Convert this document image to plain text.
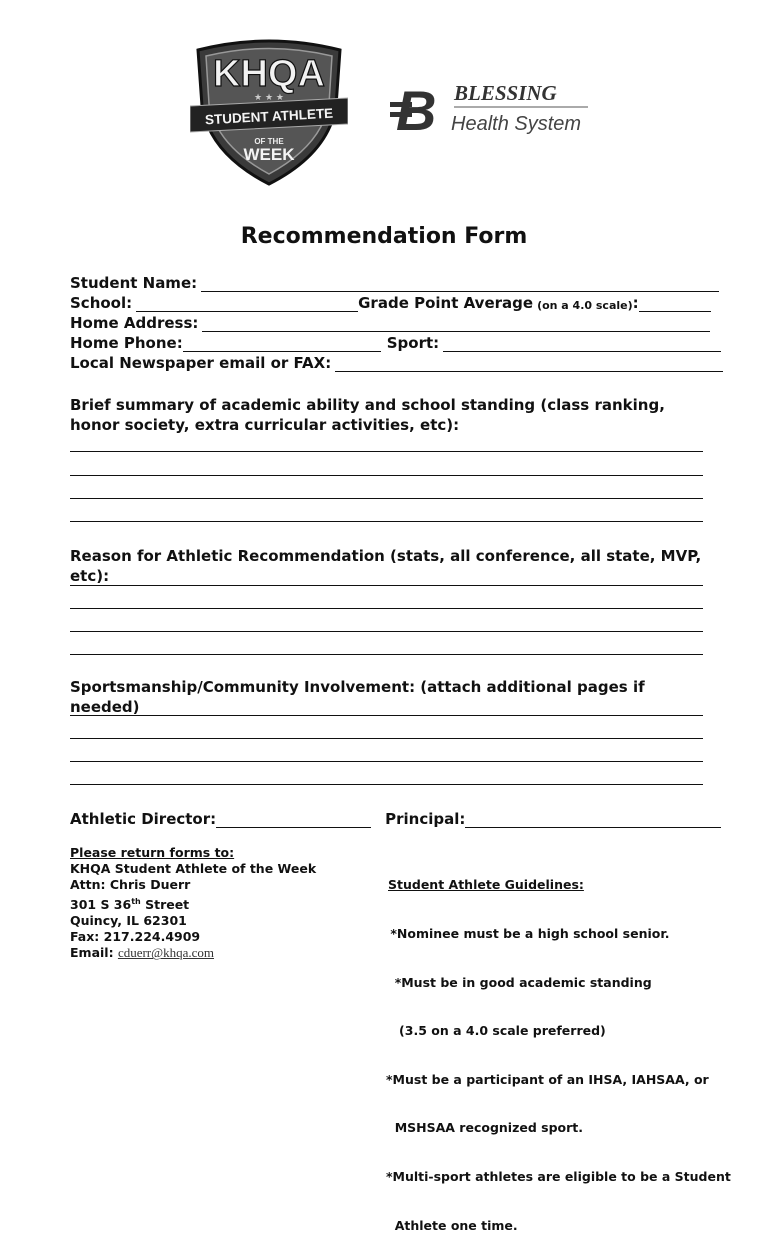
KHQA
★ ★ ★
STUDENT ATHLETE
OF THE
WEEK
B BLESSING
Health System
Recommendation Form
Student Name:
School:	Grade Point Average (on a 4.0 scale) :
Home Address:
Home Phone:	Sport:
Local Newspaper email or FAX:
Brief summary of academic ability and school standing (class ranking, honor society, extra curricular activities, etc):
Reason for Athletic Recommendation (stats, all conference, all state, MVP, etc):
Sportsmanship/Community Involvement: (attach additional pages if needed)
Athletic Director:	Principal:
Please return forms to:
KHQA Student Athlete of the Week
Attn: Chris Duerr
301 S 36th Street
Quincy, IL 62301
Fax: 217.224.4909
Email: cduerr@khqa.com

Student Athlete Guidelines:

*Nominee must be a high school senior.

*Must be in good academic standing

(3.5 on a 4.0 scale preferred)

*Must be a participant of an IHSA, IAHSAA, or

MSHSAA recognized sport.

*Multi-sport athletes are eligible to be a Student

Athlete one time.
